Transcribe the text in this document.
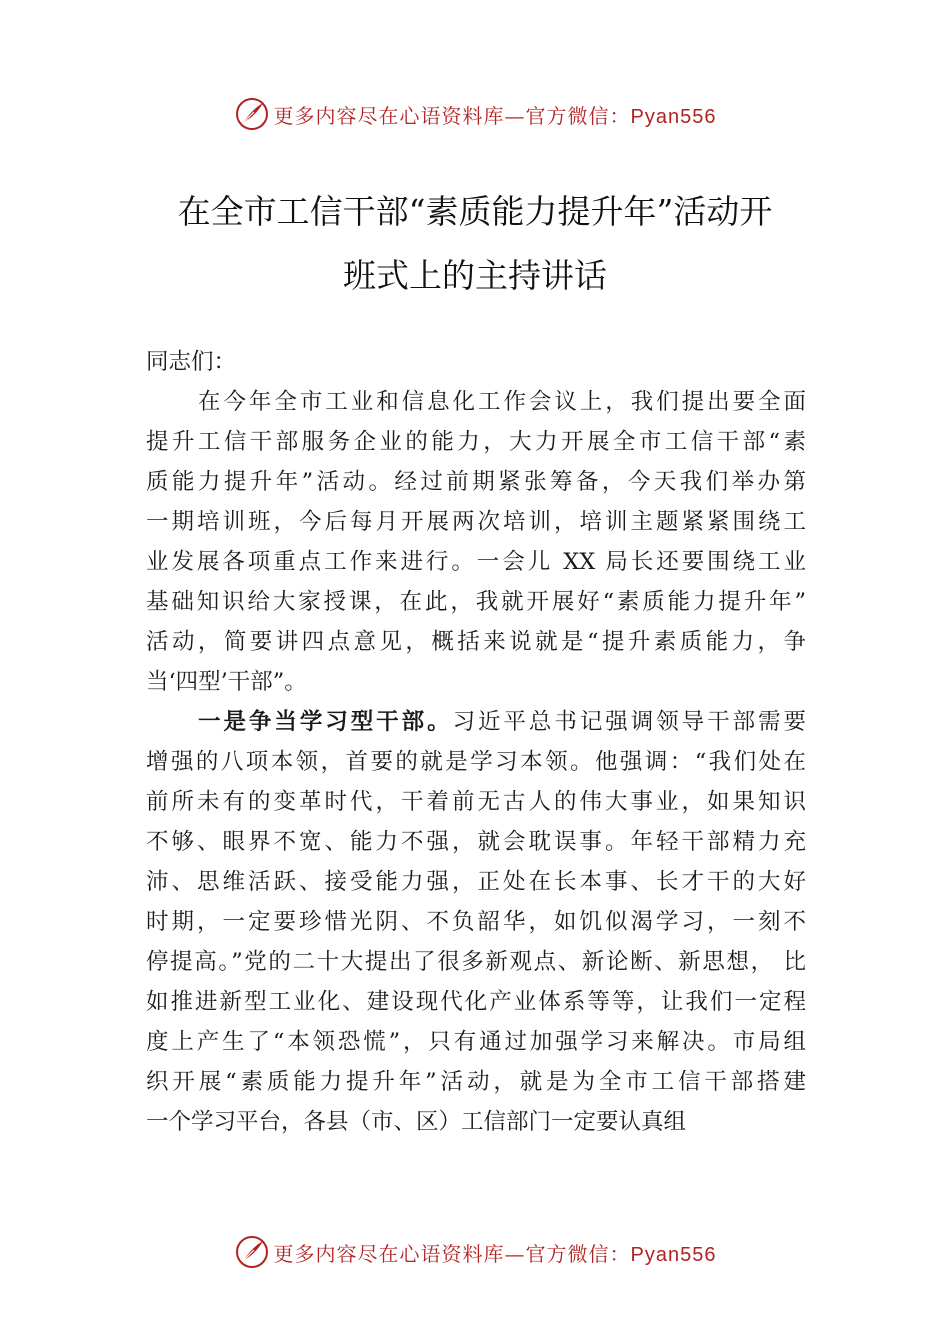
更多内容尽在心语资料库—官方微信：Pyan556
在全市工信干部“素质能力提升年”活动开
班式上的主持讲话
同志们：
在今年全市工业和信息化工作会议上，我们提出要全面
提升工信干部服务企业的能力，大力开展全市工信干部“素
质能力提升年”活动。经过前期紧张筹备，今天我们举办第
一期培训班，今后每月开展两次培训，培训主题紧紧围绕工
业发展各项重点工作来进行。一会儿 XX 局长还要围绕工业
基础知识给大家授课，在此，我就开展好“素质能力提升年”
活动，简要讲四点意见，概括来说就是“提升素质能力，争
当‘四型’干部”。
一是争当学习型干部。习近平总书记强调领导干部需要
增强的八项本领，首要的就是学习本领。他强调：“我们处在
前所未有的变革时代，干着前无古人的伟大事业，如果知识
不够、眼界不宽、能力不强，就会耽误事。年轻干部精力充
沛、思维活跃、接受能力强，正处在长本事、长才干的大好
时期，一定要珍惜光阴、不负韶华，如饥似渴学习，一刻不
停提高。”党的二十大提出了很多新观点、新论断、新思想， 比
如推进新型工业化、建设现代化产业体系等等，让我们一定程
度上产生了“本领恐慌”，只有通过加强学习来解决。市局组
织开展“素质能力提升年”活动，就是为全市工信干部搭建
一个学习平台，各县（市、区）工信部门一定要认真组
更多内容尽在心语资料库—官方微信：Pyan556
